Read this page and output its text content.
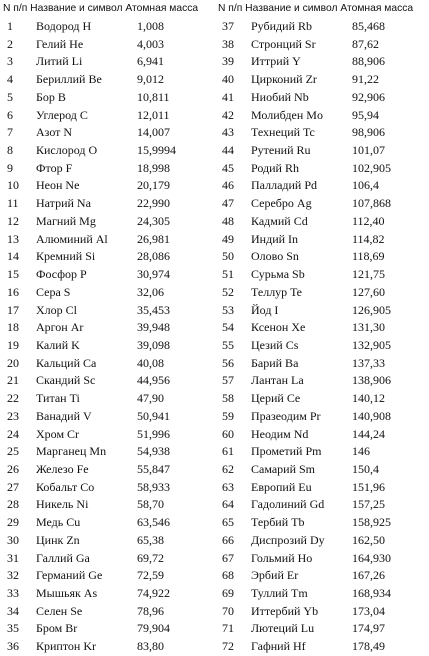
N п/п Название и символ Атомная масса
1 Водород H	1,008
2 Гелий He	4,003
3 Литий Li	6,941
4 Бериллий Be	9,012
5 Бор B	10,811
6 Углерод C	12,011
7 Азот N	14,007
8 Кислород O	15,9994
9 Фтор F	18,998
10 Неон Ne	20,179
11 Натрий Na	22,990
12 Магний Mg	24,305
13 Алюминий Al 26,981
14 Кремний Si	28,086
15 Фосфор P	30,974
16 Сера S	32,06
17 Хлор Cl	35,453
18 Аргон Ar	39,948
19 Калий K	39,098
20 Кальций Ca	40,08
21 Скандий Sc	44,956
22 Титан Ti	47,90
23 Ванадий V	50,941
24 Хром Cr	51,996
25 Марганец Mn	54,938
26 Железо Fe	55,847
27 Кобальт Co	58,933
28 Никель Ni	58,70
29 Медь Cu	63,546
30 Цинк Zn	65,38
31 Галлий Ga	69,72
32 Германий Ge	72,59
33 Мышьяк As	74,922
34 Селен Se	78,96
35 Бром Br	79,904
36 Криптон Kr	83,80
N п/п Название и символ Атомная масса
37 Рубидий Rb	85,468
38 Стронций Sr	87,62
39 Иттрий Y	88,906
40 Цирконий Zr	91,22
41 Ниобий Nb	92,906
42 Молибден Mo 95,94
43 Технеций Tc	98,906
44 Рутений Ru	101,07
45 Родий Rh	102,905
46 Палладий Pd	106,4
47 Серебро Ag	107,868
48 Кадмий Cd	112,40
49 Индий In	114,82
50 Олово Sn	118,69
51 Сурьма Sb	121,75
52 Теллур Te	127,60
53 Йод I	126,905
54 Ксенон Xe	131,30
55 Цезий Cs	132,905
56 Барий Ba	137,33
57 Лантан La	138,906
58 Церий Ce	140,12
59 Празеодим Pr	140,908
60 Неодим Nd	144,24
61 Прометий Pm	146
62 Самарий Sm	150,4
63 Европий Eu	151,96
64 Гадолиний Gd 157,25
65 Тербий Tb	158,925
66 Диспрозий Dy 162,50
67 Гольмий Ho	164,930
68 Эрбий Er	167,26
69 Туллий Tm	168,934
70 Иттербий Yb	173,04
71 Лютеций Lu	174,97
72 Гафний Hf	178,49
